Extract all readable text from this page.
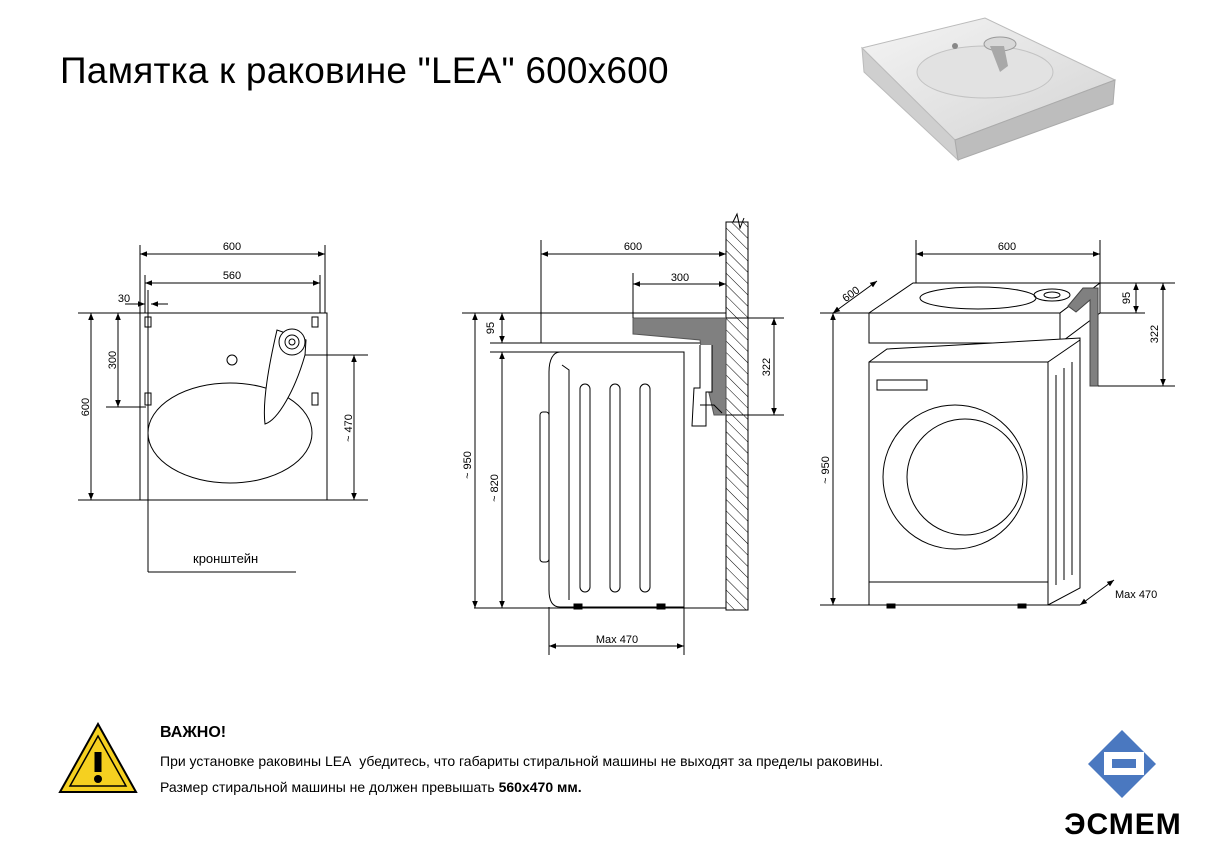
Памятка к раковине "LEA" 600x600
600
560
30
600
300
~ 470
кронштейн
600
300
95
322
~ 950
~ 820
Max 470
600
600	95
322
~ 950
Max 470
ВАЖНО!
При установке раковины LEA убедитесь, что габариты стиральной машины не выходят за пределы раковины.
Размер стиральной машины не должен превышать 560x470 мм.
ЭСМЕМ
